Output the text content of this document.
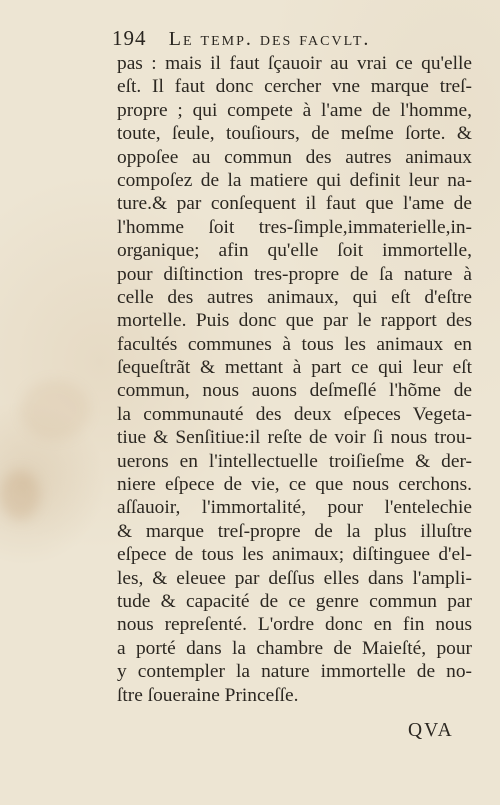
194 Le temp. des facvlt.
pas : mais il faut ſçauoir au vrai ce qu'elle
eſt. Il faut donc cercher vne marque treſ-
propre ; qui compete à l'ame de l'homme,
toute, ſeule, touſiours, de meſme ſorte. &
oppoſee au commun des autres animaux
compoſez de la matiere qui definit leur na-
ture.& par conſequent il faut que l'ame de
l'homme ſoit tres-ſimple,immaterielle,in-
organique; afin qu'elle ſoit immortelle,
pour diſtinction tres-propre de ſa nature à
celle des autres animaux, qui eſt d'eſtre
mortelle. Puis donc que par le rapport des
facultés communes à tous les animaux en
ſequeſtrãt & mettant à part ce qui leur eſt
commun, nous auons deſmeſlé l'hõme de
la communauté des deux eſpeces Vegeta-
tiue & Senſitiue:il reſte de voir ſi nous trou-
uerons en l'intellectuelle troiſieſme & der-
niere eſpece de vie, ce que nous cerchons.
aſſauoir, l'immortalité, pour l'entelechie
& marque treſ-propre de la plus illuſtre
eſpece de tous les animaux; diſtinguee d'el-
les, & eleuee par deſſus elles dans l'ampli-
tude & capacité de ce genre commun par
nous repreſenté. L'ordre donc en fin nous
a porté dans la chambre de Maieſté, pour
y contempler la nature immortelle de no-
ſtre ſoueraine Princeſſe.
QVA
